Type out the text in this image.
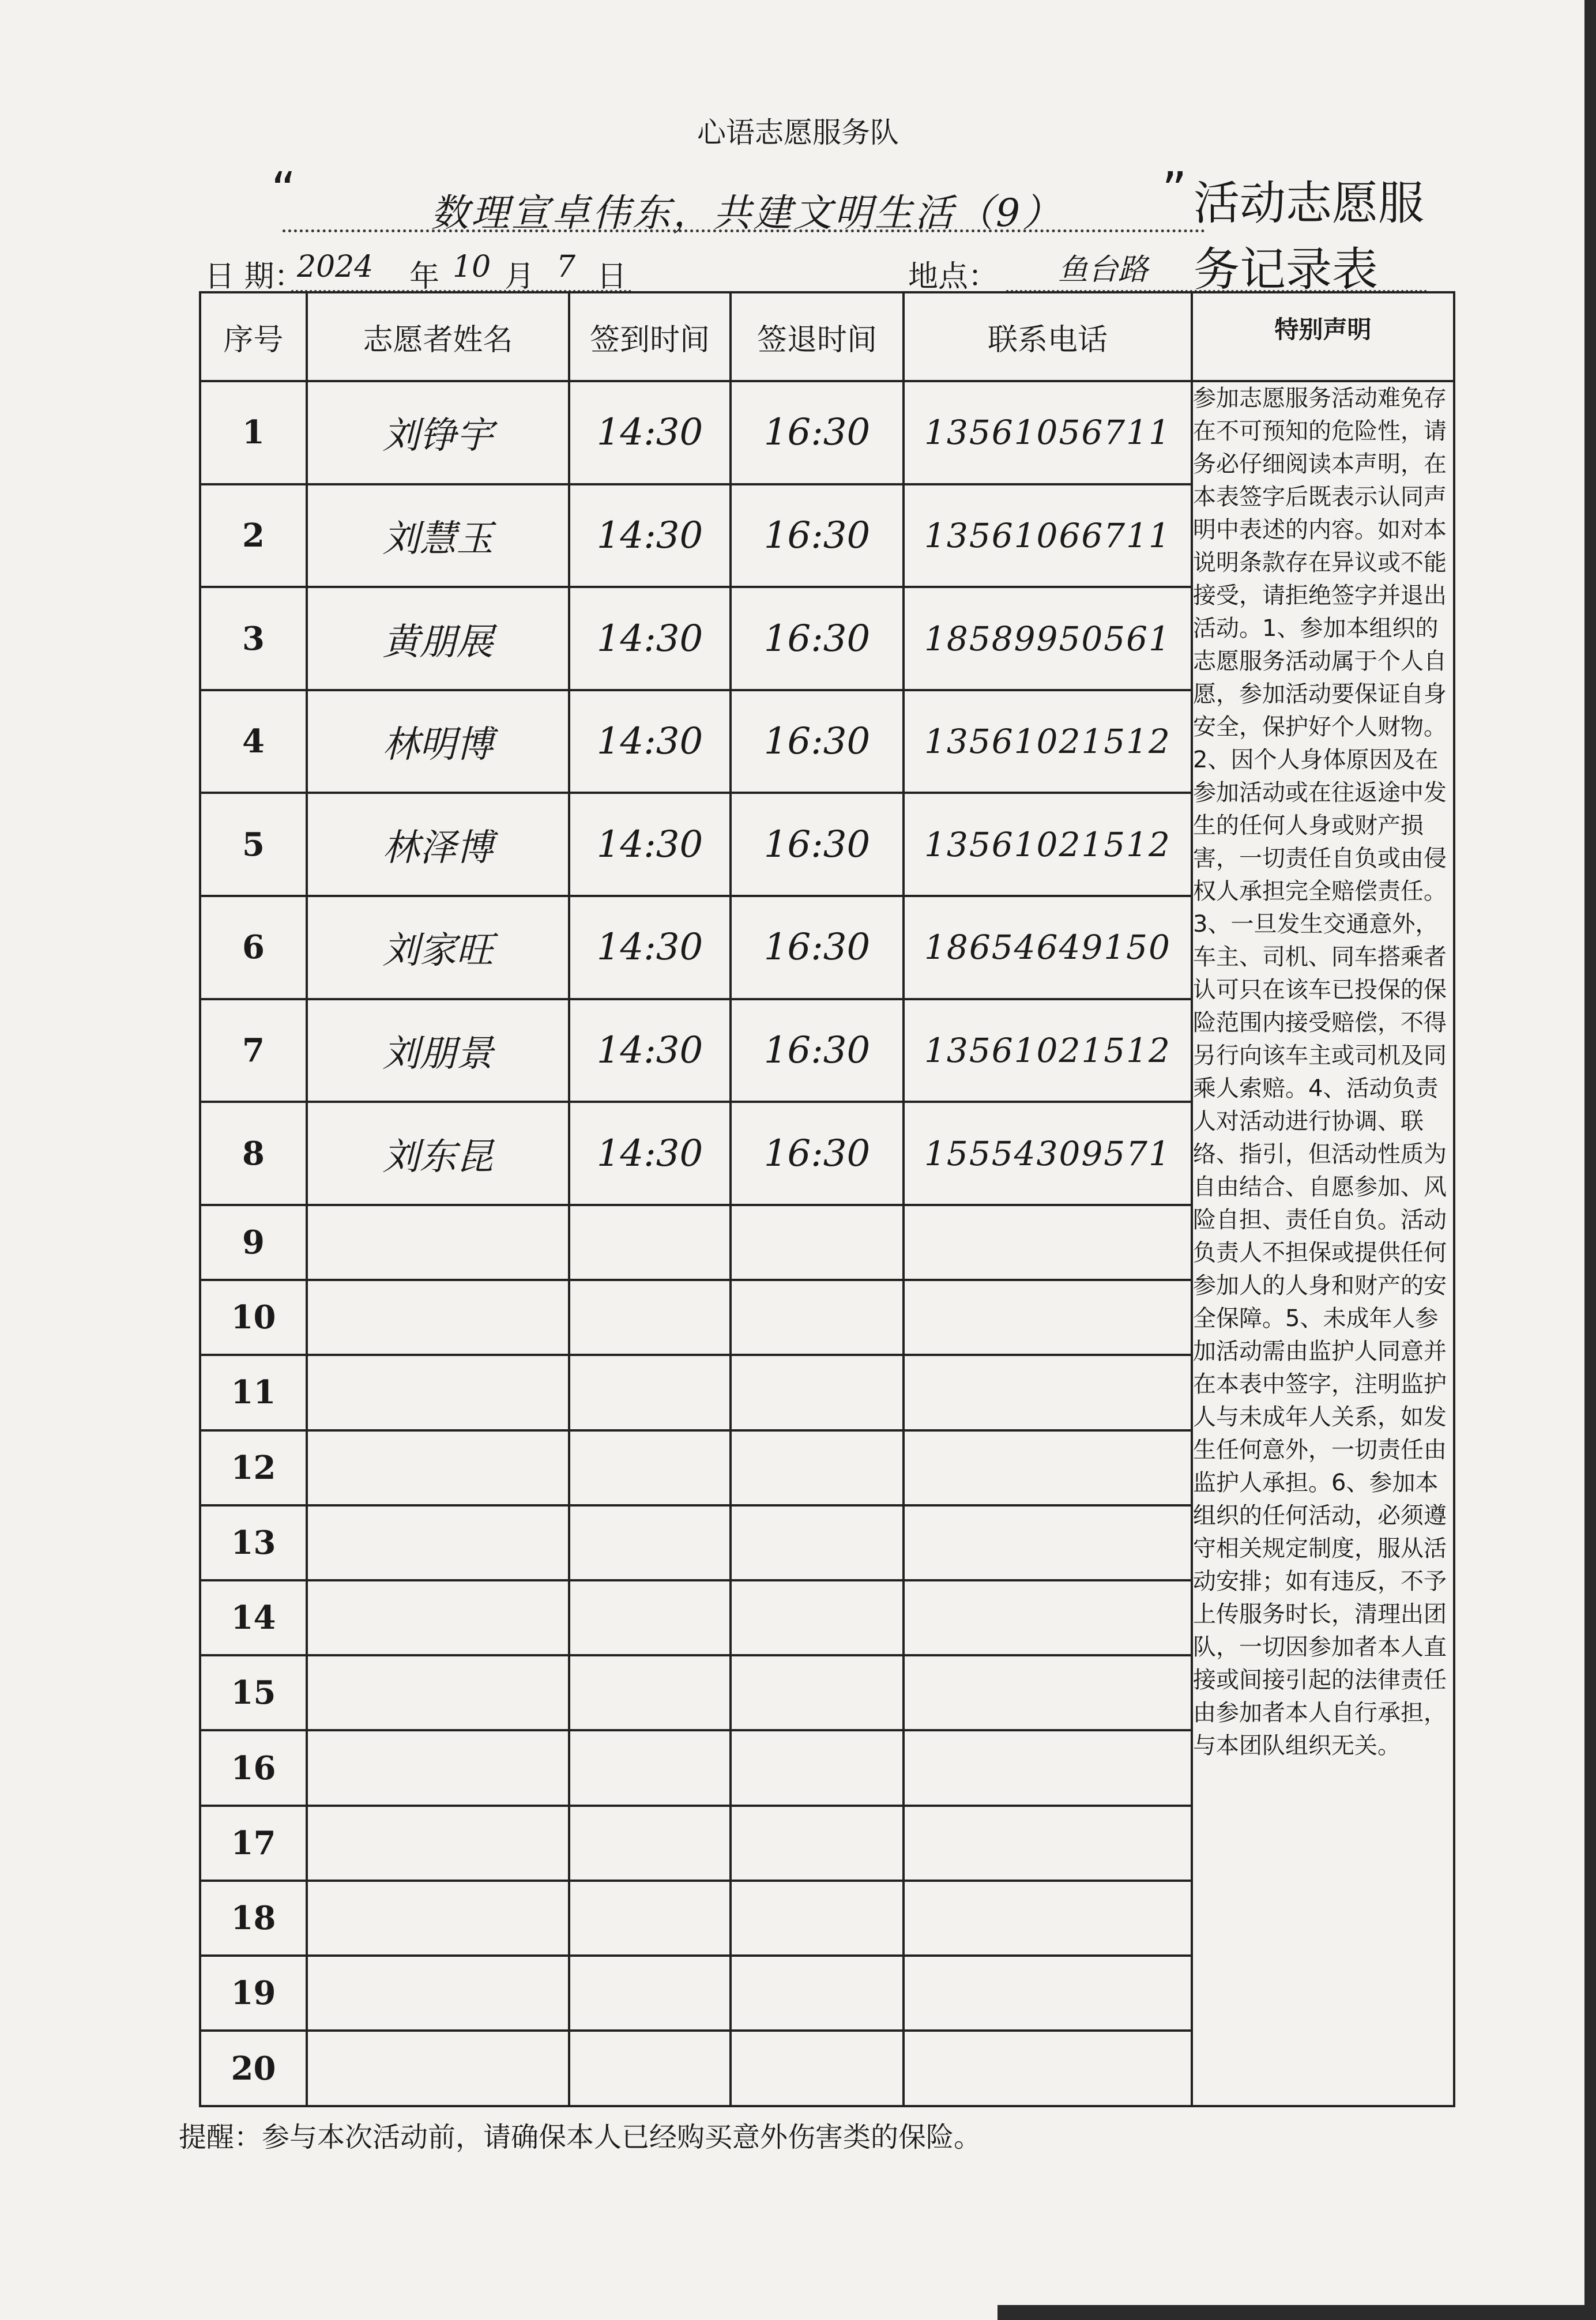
心语志愿服务队
“	数理宣卓伟东，共建文明生活（9）	” 活动志愿服务记录表
日 期：
2024 年 10 月 7 日	地点： 鱼台路
序号	志愿者姓名	签到时间	签退时间	联系电话	特别声明
1	刘铮宇	14:30	16:30	13561056711	参加志愿服务活动难免存在不可预知的危险性，请务必仔细阅读本声明，在本表签字后既表示认同声明中表述的内容。如对本说明条款存在异议或不能接受，请拒绝签字并退出活动。1、参加本组织的志愿服务活动属于个人自愿，参加活动要保证自身安全，保护好个人财物。2、因个人身体原因及在参加活动或在往返途中发生的任何人身或财产损害，一切责任自负或由侵权人承担完全赔偿责任。3、一旦发生交通意外，车主、司机、同车搭乘者认可只在该车已投保的保险范围内接受赔偿，不得另行向该车主或司机及同乘人索赔。4、活动负责人对活动进行协调、联络、指引，但活动性质为自由结合、自愿参加、风险自担、责任自负。活动负责人不担保或提供任何参加人的人身和财产的安全保障。5、未成年人参加活动需由监护人同意并在本表中签字，注明监护人与未成年人关系，如发生任何意外，一切责任由监护人承担。6、参加本组织的任何活动，必须遵守相关规定制度，服从活动安排；如有违反，不予上传服务时长，清理出团队，一切因参加者本人直接或间接引起的法律责任由参加者本人自行承担，与本团队组织无关。
2	刘慧玉	14:30	16:30	13561066711	
3	黄朋展	14:30	16:30	18589950561	
4	林明博	14:30	16:30	13561021512	
5	林泽博	14:30	16:30	13561021512	
6	刘家旺	14:30	16:30	18654649150	
7	刘朋景	14:30	16:30	13561021512	
8	刘东昆	14:30	16:30	15554309571	
9					
10					
11					
12					
13					
14					
15					
16					
17					
18					
19					
20					
提醒：参与本次活动前，请确保本人已经购买意外伤害类的保险。
